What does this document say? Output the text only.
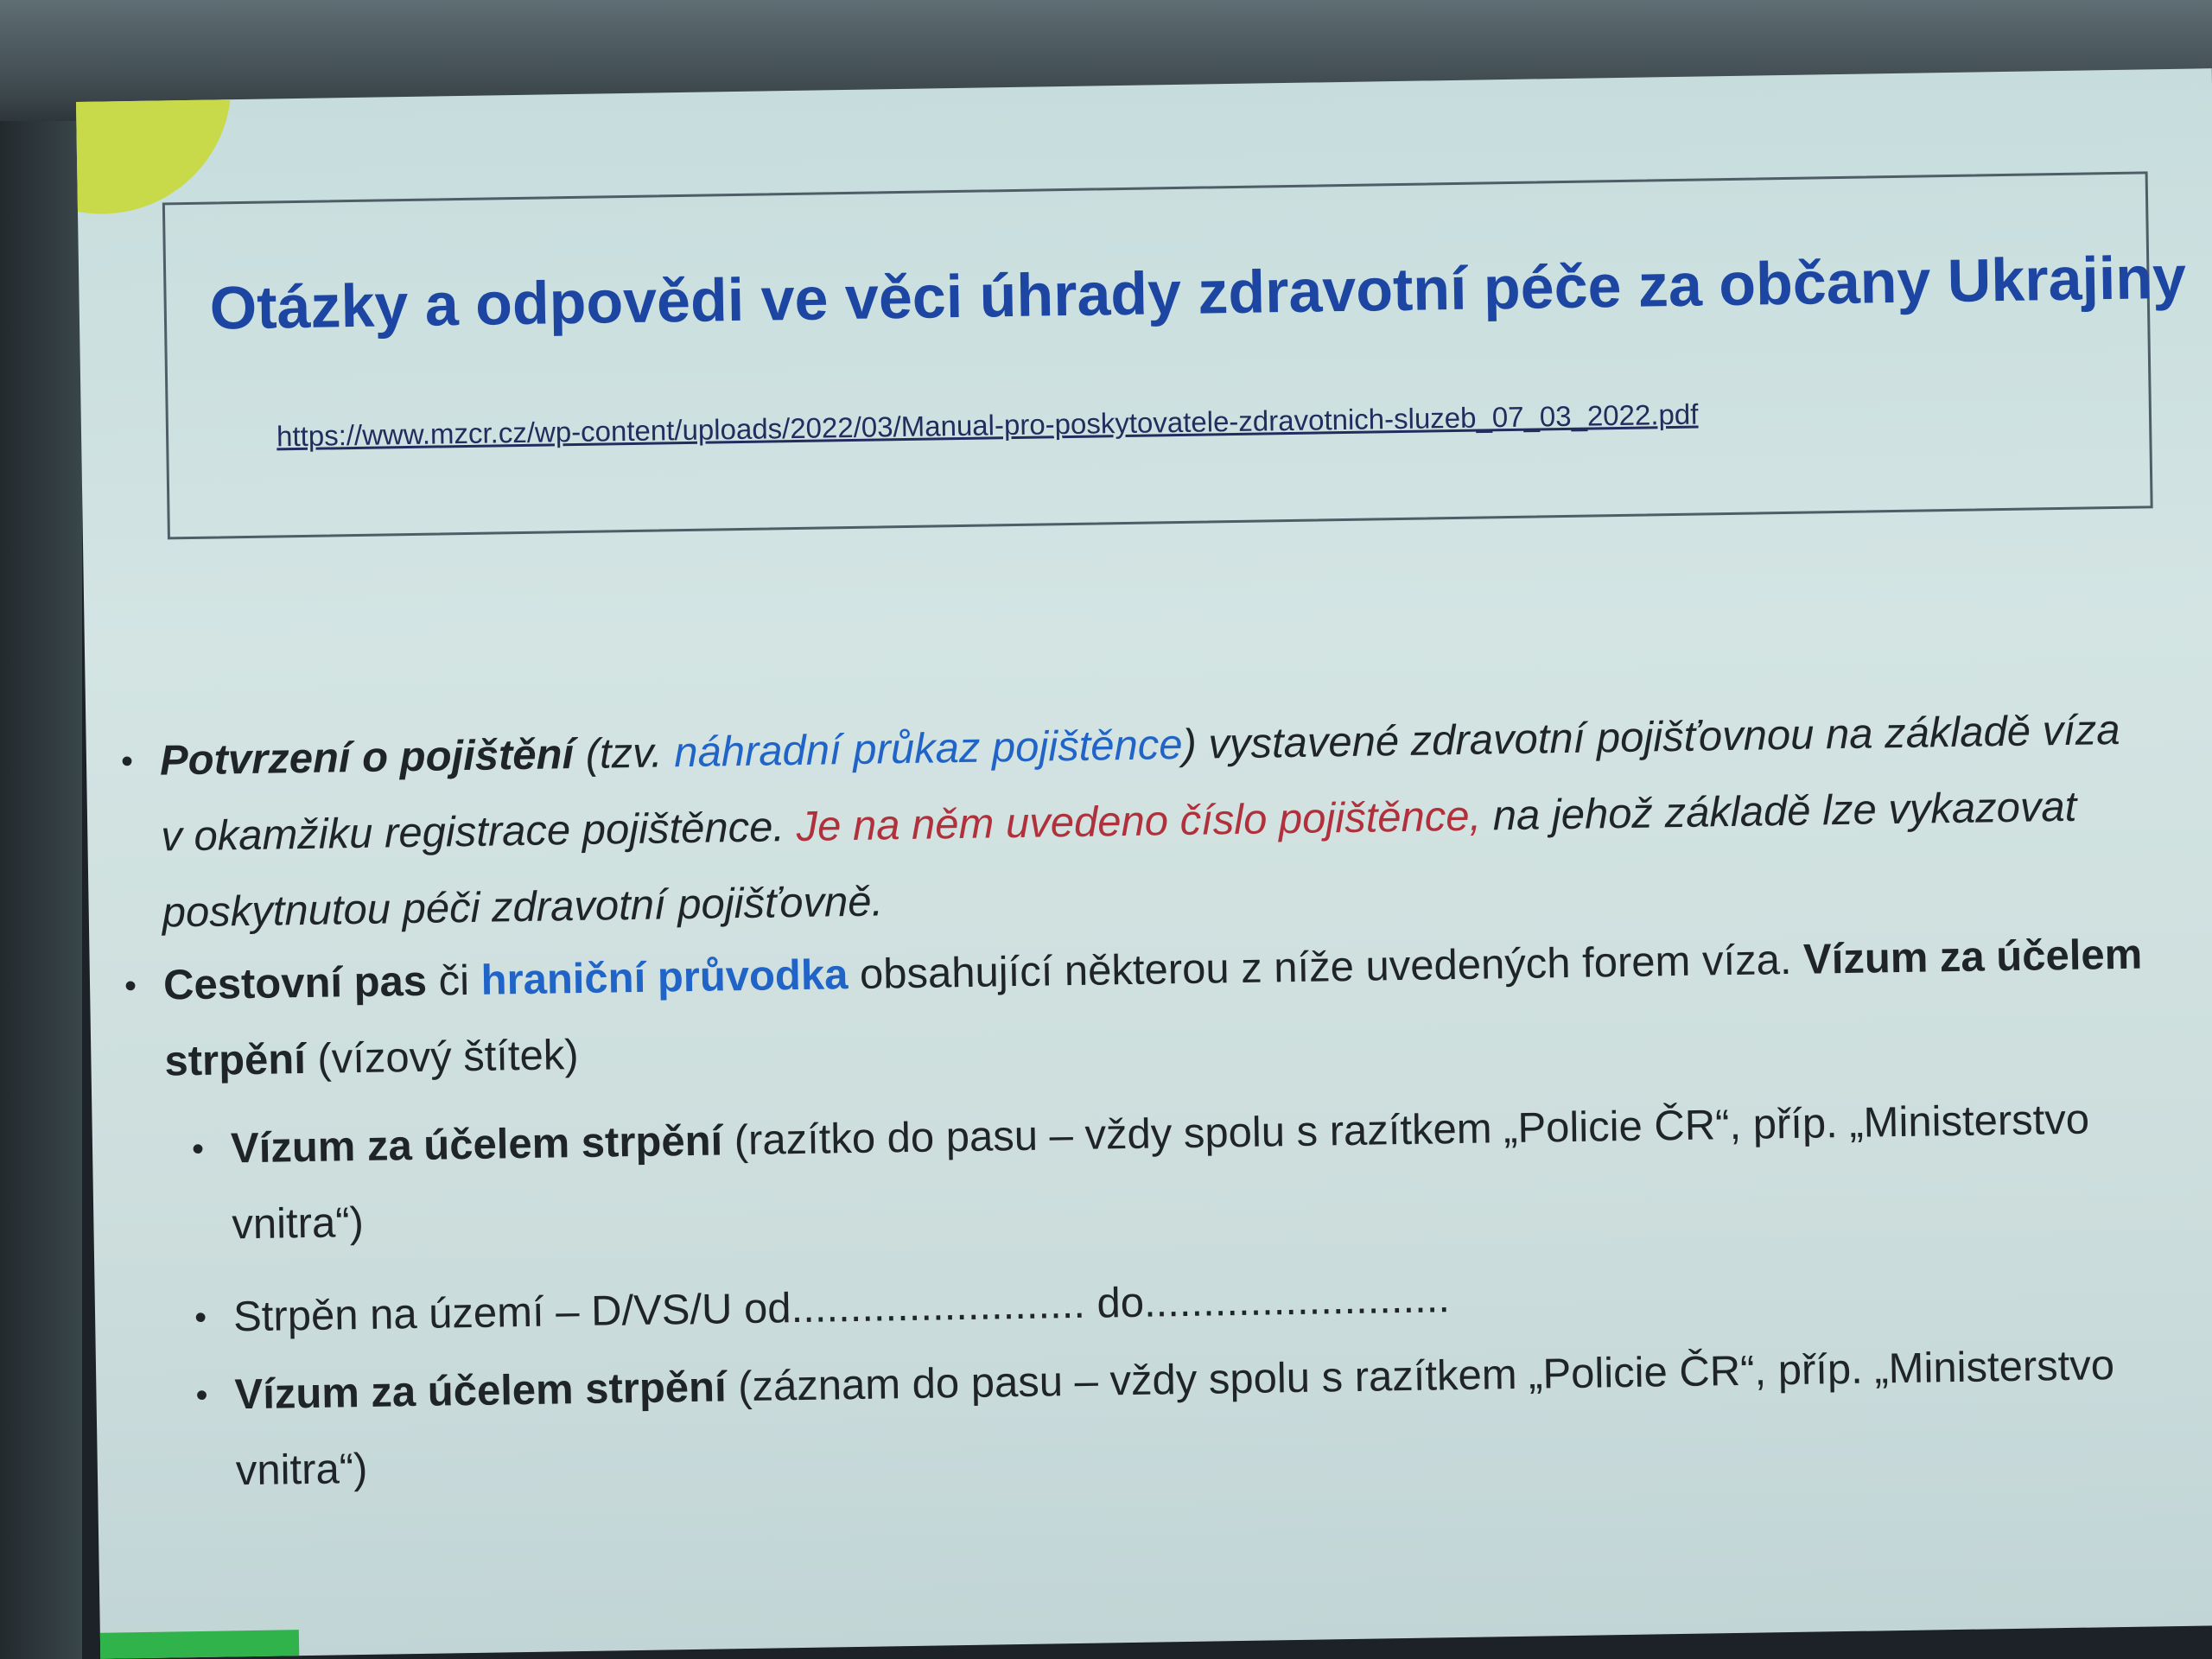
Otázky a odpovědi ve věci úhrady zdravotní péče za občany Ukrajiny
https://www.mzcr.cz/wp-content/uploads/2022/03/Manual-pro-poskytovatele-zdravotnich-sluzeb_07_03_2022.pdf
• Potvrzení o pojištění (tzv. náhradní průkaz pojištěnce) vystavené zdravotní pojišťovnou na základě víza v okamžiku registrace pojištěnce. Je na něm uvedeno číslo pojištěnce, na jehož základě lze vykazovat poskytnutou péči zdravotní pojišťovně.
• Cestovní pas či hraniční průvodka obsahující některou z níže uvedených forem víza. Vízum za účelem strpění (vízový štítek)
• Vízum za účelem strpění (razítko do pasu – vždy spolu s razítkem „Policie ČR“, příp. „Ministerstvo vnitra“)
• Strpěn na území – D/VS/U od......................... do..........................
• Vízum za účelem strpění (záznam do pasu – vždy spolu s razítkem „Policie ČR“, příp. „Ministerstvo vnitra“)
